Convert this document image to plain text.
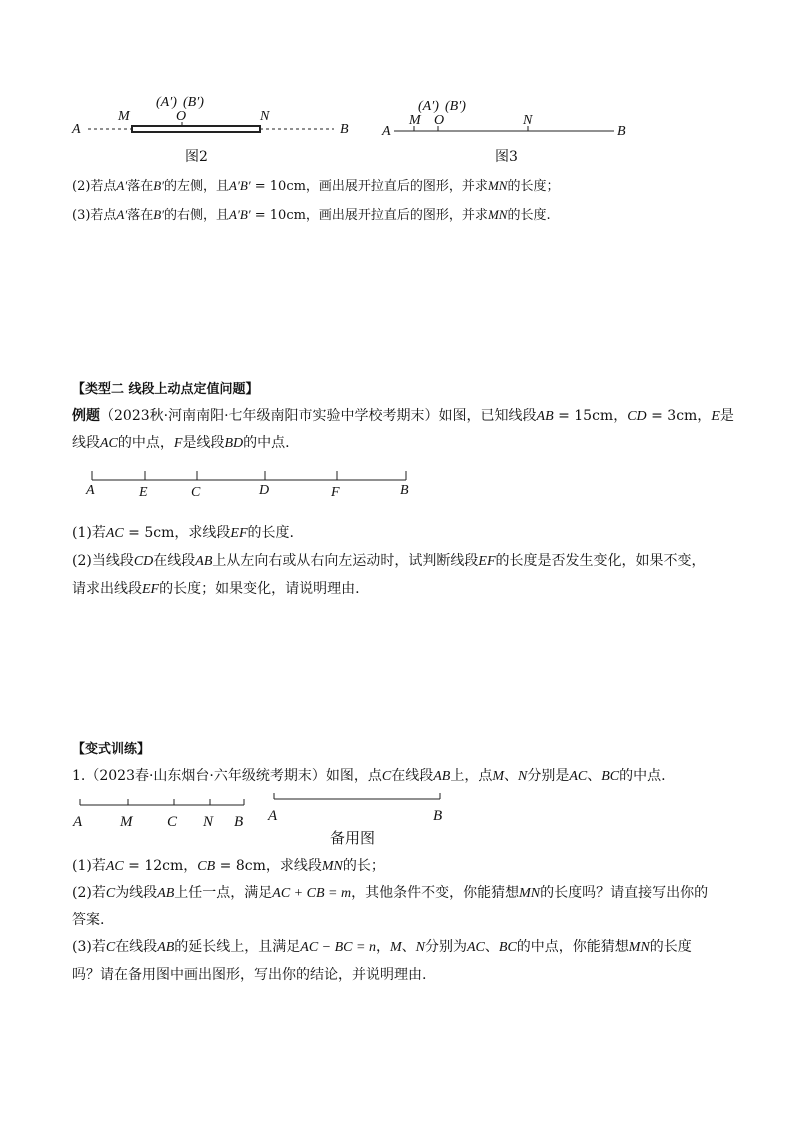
A
M
(A′) (B′)
O	N
B
图2
A
M
(A′) (B′)
O	N
B
图3
(2)若点A′落在B′的左侧，且A′B′ = 10cm，画出展开拉直后的图形，并求MN的长度；
(3)若点A′落在B′的右侧，且A′B′ = 10cm，画出展开拉直后的图形，并求MN的长度.
【类型二 线段上动点定值问题】
例题（2023秋·河南南阳·七年级南阳市实验中学校考期末）如图，已知线段AB = 15cm，CD = 3cm，E是
线段AC的中点，F是线段BD的中点.
A	E	C	D	F	B
(1)若AC = 5cm，求线段EF的长度.
(2)当线段CD在线段AB上从左向右或从右向左运动时，试判断线段EF的长度是否发生变化，如果不变，
请求出线段EF的长度；如果变化，请说明理由.
【变式训练】
1.（2023春·山东烟台·六年级统考期末）如图，点C在线段AB上，点M、N分别是AC、BC的中点.
A	M C N B A	B
备用图
(1)若AC = 12cm，CB = 8cm，求线段MN的长；
(2)若C为线段AB上任一点，满足AC + CB = m，其他条件不变，你能猜想MN的长度吗？请直接写出你的
答案.
(3)若C在线段AB的延长线上，且满足AC − BC = n，M、N分别为AC、BC的中点，你能猜想MN的长度
吗？请在备用图中画出图形，写出你的结论，并说明理由.
